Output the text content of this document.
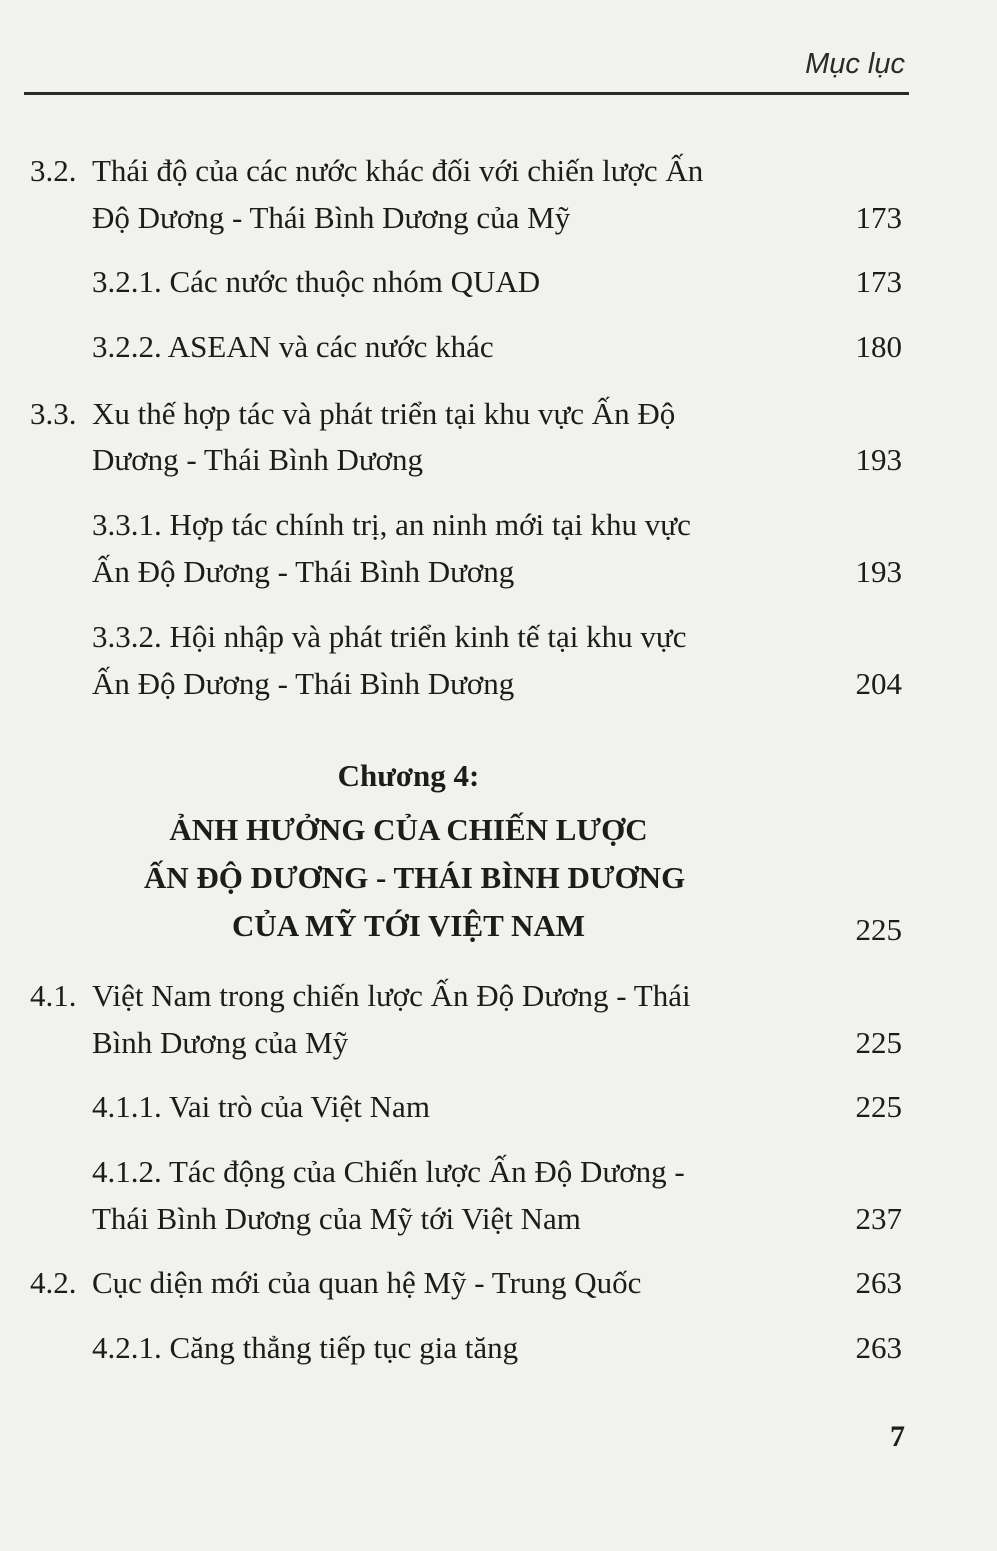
Mục lục
3.2. Thái độ của các nước khác đối với chiến lược Ấn
Độ Dương - Thái Bình Dương của Mỹ	173
3.2.1. Các nước thuộc nhóm QUAD	173
3.2.2. ASEAN và các nước khác	180
3.3. Xu thế hợp tác và phát triển tại khu vực Ấn Độ
Dương - Thái Bình Dương	193
3.3.1. Hợp tác chính trị, an ninh mới tại khu vực
Ấn Độ Dương - Thái Bình Dương	193
3.3.2. Hội nhập và phát triển kinh tế tại khu vực
Ấn Độ Dương - Thái Bình Dương	204
Chương 4:
ẢNH HƯỞNG CỦA CHIẾN LƯỢC
ẤN ĐỘ DƯƠNG - THÁI BÌNH DƯƠNG
CỦA MỸ TỚI VIỆT NAM	225
4.1. Việt Nam trong chiến lược Ấn Độ Dương - Thái
Bình Dương của Mỹ	225
4.1.1. Vai trò của Việt Nam	225
4.1.2. Tác động của Chiến lược Ấn Độ Dương -
Thái Bình Dương của Mỹ tới Việt Nam	237
4.2. Cục diện mới của quan hệ Mỹ - Trung Quốc	263
4.2.1. Căng thẳng tiếp tục gia tăng	263
7
